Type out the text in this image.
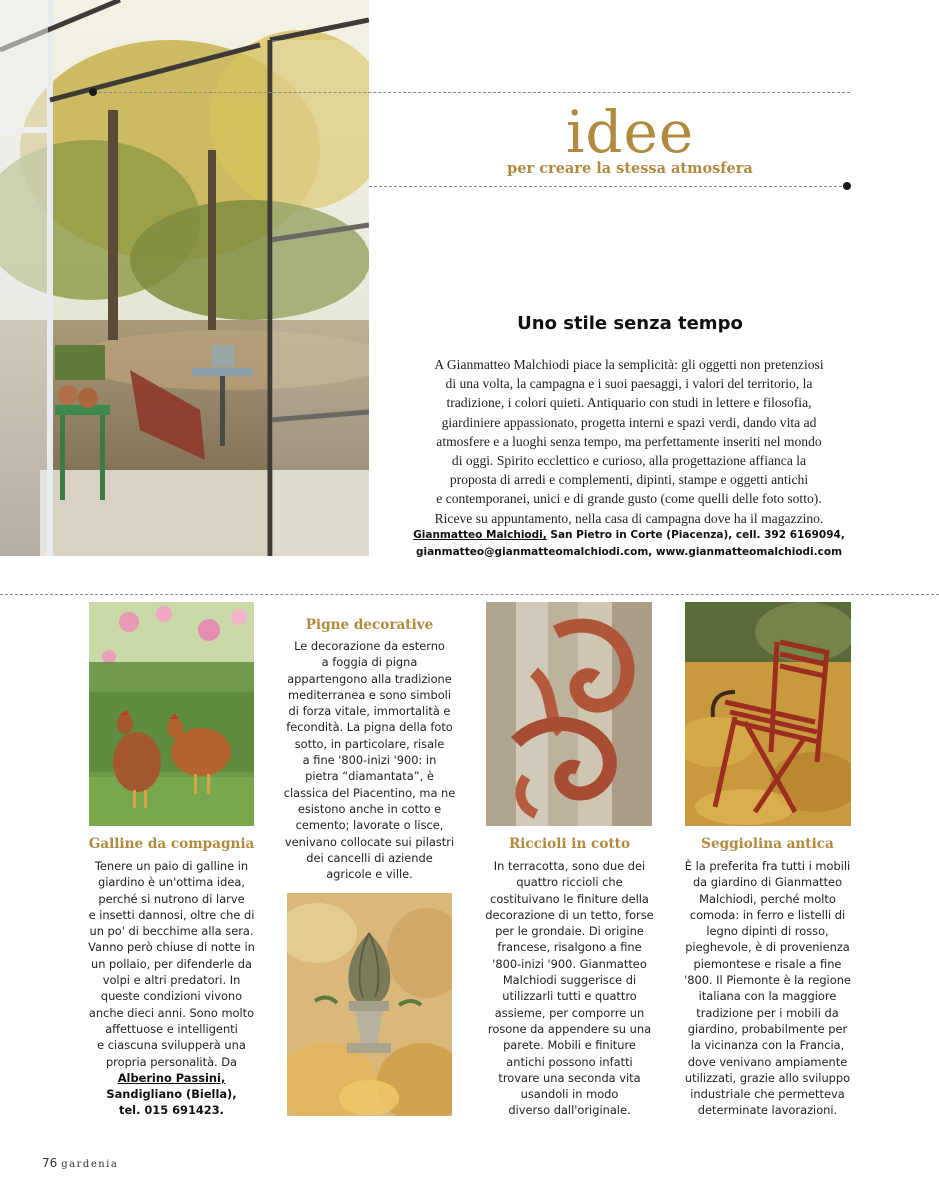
idee
per creare la stessa atmosfera
Uno stile senza tempo
A Gianmatteo Malchiodi piace la semplicità: gli oggetti non pretenziosi
di una volta, la campagna e i suoi paesaggi, i valori del territorio, la
tradizione, i colori quieti. Antiquario con studi in lettere e filosofia,
giardiniere appassionato, progetta interni e spazi verdi, dando vita ad
atmosfere e a luoghi senza tempo, ma perfettamente inseriti nel mondo
di oggi. Spirito ecclettico e curioso, alla progettazione affianca la
proposta di arredi e complementi, dipinti, stampe e oggetti antichi
e contemporanei, unici e di grande gusto (come quelli delle foto sotto).
Riceve su appuntamento, nella casa di campagna dove ha il magazzino.
Gianmatteo Malchiodi, San Pietro in Corte (Piacenza), cell. 392 6169094,
gianmatteo@gianmatteomalchiodi.com, www.gianmatteomalchiodi.com
Galline da compagnia
Tenere un paio di galline in
giardino è un'ottima idea,
perché si nutrono di larve
e insetti dannosi, oltre che di
un po' di becchime alla sera.
Vanno però chiuse di notte in
un pollaio, per difenderle da
volpi e altri predatori. In
queste condizioni vivono
anche dieci anni. Sono molto
affettuose e intelligenti
e ciascuna svilupperà una
propria personalità. Da
Alberino Passini,
Sandigliano (Biella),
tel. 015 691423.
Pigne decorative
Le decorazione da esterno
a foggia di pigna
appartengono alla tradizione
mediterranea e sono simboli
di forza vitale, immortalità e
fecondità. La pigna della foto
sotto, in particolare, risale
a fine '800-inizi '900: in
pietra “diamantata”, è
classica del Piacentino, ma ne
esistono anche in cotto e
cemento; lavorate o lisce,
venivano collocate sui pilastri
dei cancelli di aziende
agricole e ville.
Riccioli in cotto
In terracotta, sono due dei
quattro riccioli che
costituivano le finiture della
decorazione di un tetto, forse
per le grondaie. Di origine
francese, risalgono a fine
'800-inizi '900. Gianmatteo
Malchiodi suggerisce di
utilizzarli tutti e quattro
assieme, per comporre un
rosone da appendere su una
parete. Mobili e finiture
antichi possono infatti
trovare una seconda vita
usandoli in modo
diverso dall'originale.
Seggiolina antica
È la preferita fra tutti i mobili
da giardino di Gianmatteo
Malchiodi, perché molto
comoda: in ferro e listelli di
legno dipinti di rosso,
pieghevole, è di provenienza
piemontese e risale a fine
'800. Il Piemonte è la regione
italiana con la maggiore
tradizione per i mobili da
giardino, probabilmente per
la vicinanza con la Francia,
dove venivano ampiamente
utilizzati, grazie allo sviluppo
industriale che permetteva
determinate lavorazioni.
76 gardenia
